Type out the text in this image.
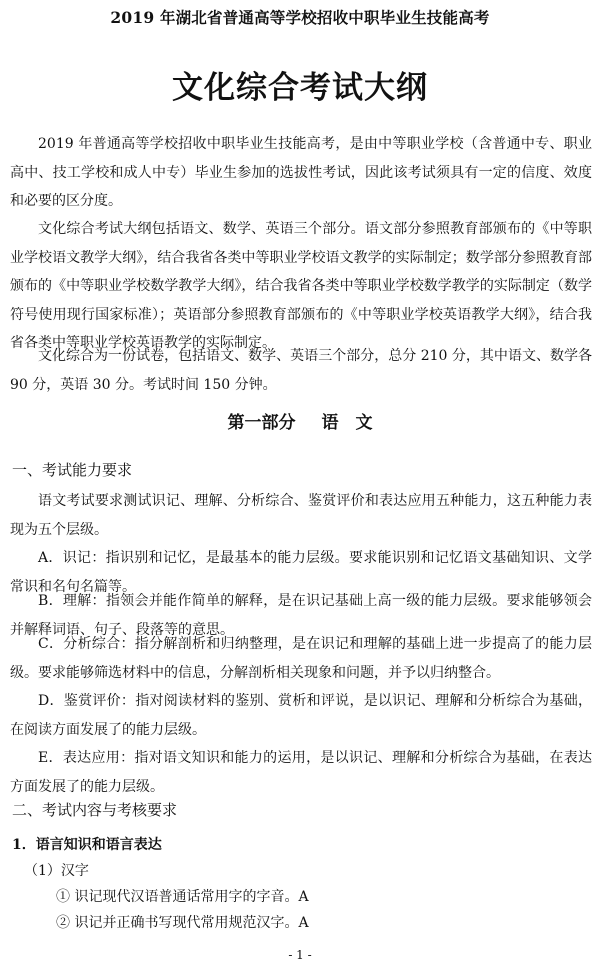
2019 年湖北省普通高等学校招收中职毕业生技能高考
文化综合考试大纲

2019 年普通高等学校招收中职毕业生技能高考，是由中等职业学校（含普通中专、职业高中、技工学校和成人中专）毕业生参加的选拔性考试，因此该考试须具有一定的信度、效度和必要的区分度。

文化综合考试大纲包括语文、数学、英语三个部分。语文部分参照教育部颁布的《中等职业学校语文教学大纲》，结合我省各类中等职业学校语文教学的实际制定；数学部分参照教育部颁布的《中等职业学校数学教学大纲》，结合我省各类中等职业学校数学教学的实际制定（数学符号使用现行国家标准）；英语部分参照教育部颁布的《中等职业学校英语教学大纲》，结合我省各类中等职业学校英语教学的实际制定。

文化综合为一份试卷，包括语文、数学、英语三个部分，总分 210 分，其中语文、数学各 90 分，英语 30 分。考试时间 150 分钟。

第一部分 语　文
一、考试能力要求

语文考试要求测试识记、理解、分析综合、鉴赏评价和表达应用五种能力，这五种能力表现为五个层级。

A．识记：指识别和记忆，是最基本的能力层级。要求能识别和记忆语文基础知识、文学常识和名句名篇等。

B．理解：指领会并能作简单的解释，是在识记基础上高一级的能力层级。要求能够领会并解释词语、句子、段落等的意思。

C．分析综合：指分解剖析和归纳整理，是在识记和理解的基础上进一步提高了的能力层级。要求能够筛选材料中的信息，分解剖析相关现象和问题，并予以归纳整合。

D．鉴赏评价：指对阅读材料的鉴别、赏析和评说，是以识记、理解和分析综合为基础，在阅读方面发展了的能力层级。

E．表达应用：指对语文知识和能力的运用，是以识记、理解和分析综合为基础，在表达方面发展了的能力层级。

二、考试内容与考核要求
1．语言知识和语言表达
（1）汉字
① 识记现代汉语普通话常用字的字音。A
② 识记并正确书写现代常用规范汉字。A
- 1 -
